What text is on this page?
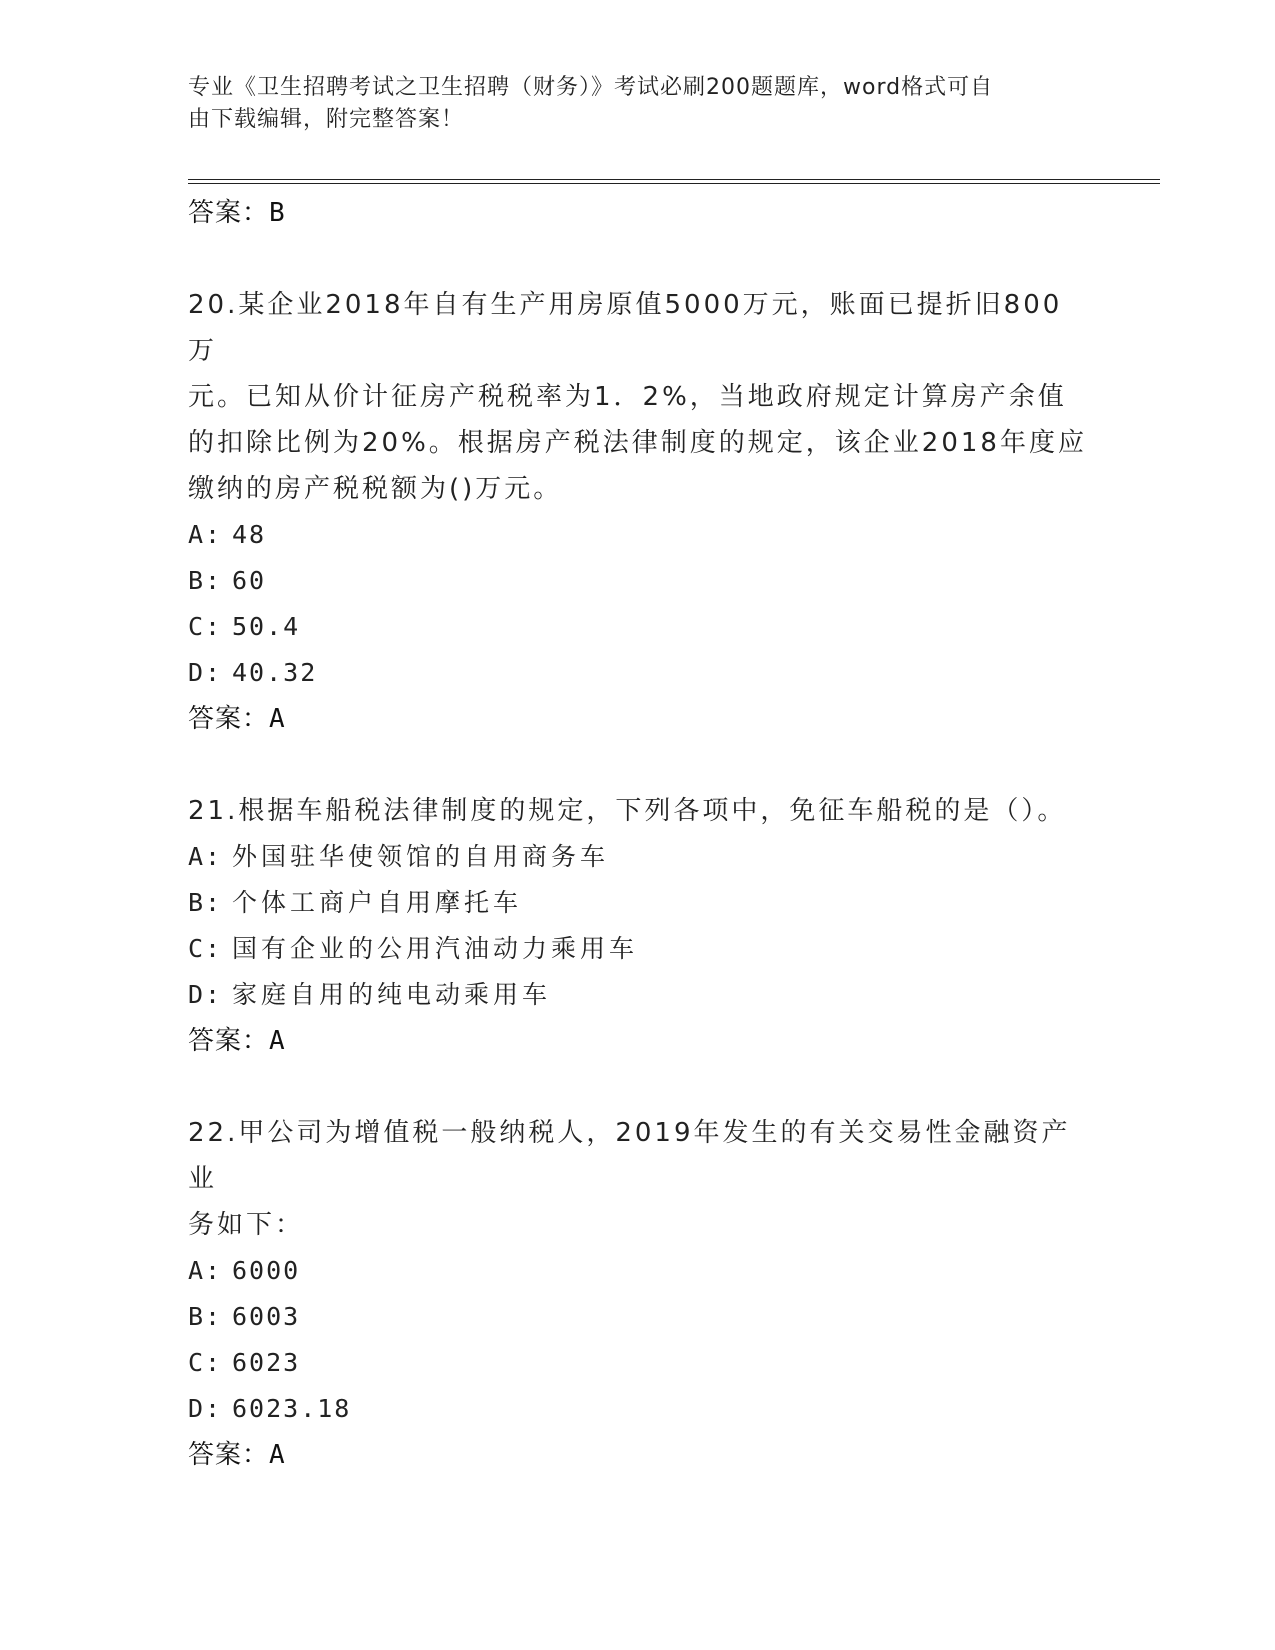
专业《卫生招聘考试之卫生招聘（财务）》考试必刷200题题库，word格式可自
由下载编辑，附完整答案！
答案：B
20.某企业2018年自有生产用房原值5000万元，账面已提折旧800万
元。已知从价计征房产税税率为1．2%，当地政府规定计算房产余值
的扣除比例为20%。根据房产税法律制度的规定，该企业2018年度应
缴纳的房产税税额为()万元。
A: 48
B: 60
C: 50.4
D: 40.32
答案：A
21.根据车船税法律制度的规定，下列各项中，免征车船税的是（）。
A: 外国驻华使领馆的自用商务车
B: 个体工商户自用摩托车
C: 国有企业的公用汽油动力乘用车
D: 家庭自用的纯电动乘用车
答案：A
22.甲公司为增值税一般纳税人，2019年发生的有关交易性金融资产业
务如下：
A: 6000
B: 6003
C: 6023
D: 6023.18
答案：A
